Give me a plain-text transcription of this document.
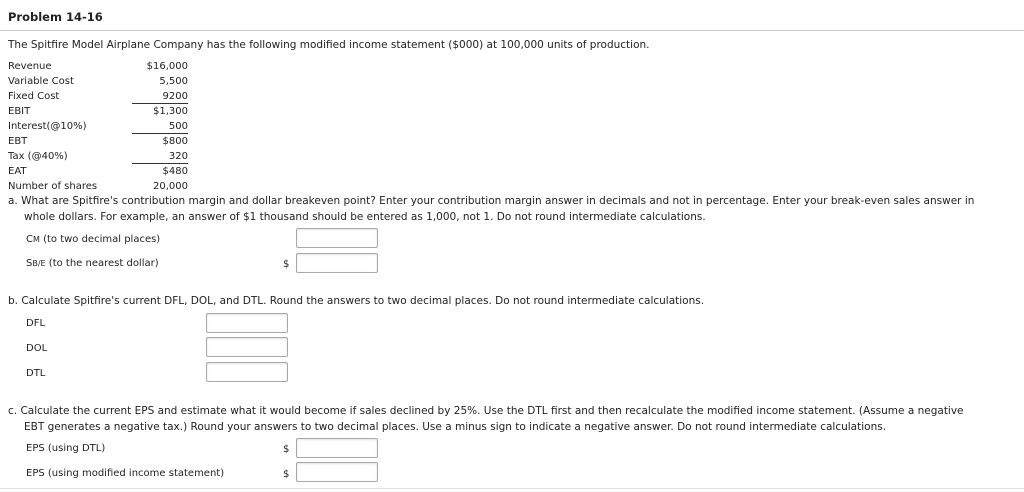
Problem 14-16
The Spitfire Model Airplane Company has the following modified income statement ($000) at 100,000 units of production.
Revenue	$16,000
Variable Cost	5,500
Fixed Cost	9200
EBIT	$1,300
Interest(@10%)	500
EBT	$800
Tax (@40%)	320
EAT	$480
Number of shares	20,000
a. What are Spitfire's contribution margin and dollar breakeven point? Enter your contribution margin answer in decimals and not in percentage. Enter your break-even sales answer in
whole dollars. For example, an answer of $1 thousand should be entered as 1,000, not 1. Do not round intermediate calculations.
CM (to two decimal places)
SB/E (to the nearest dollar)	$
b. Calculate Spitfire's current DFL, DOL, and DTL. Round the answers to two decimal places. Do not round intermediate calculations.
DFL
DOL
DTL
c. Calculate the current EPS and estimate what it would become if sales declined by 25%. Use the DTL first and then recalculate the modified income statement. (Assume a negative
EBT generates a negative tax.) Round your answers to two decimal places. Use a minus sign to indicate a negative answer. Do not round intermediate calculations.
EPS (using DTL)	$
EPS (using modified income statement)	$
